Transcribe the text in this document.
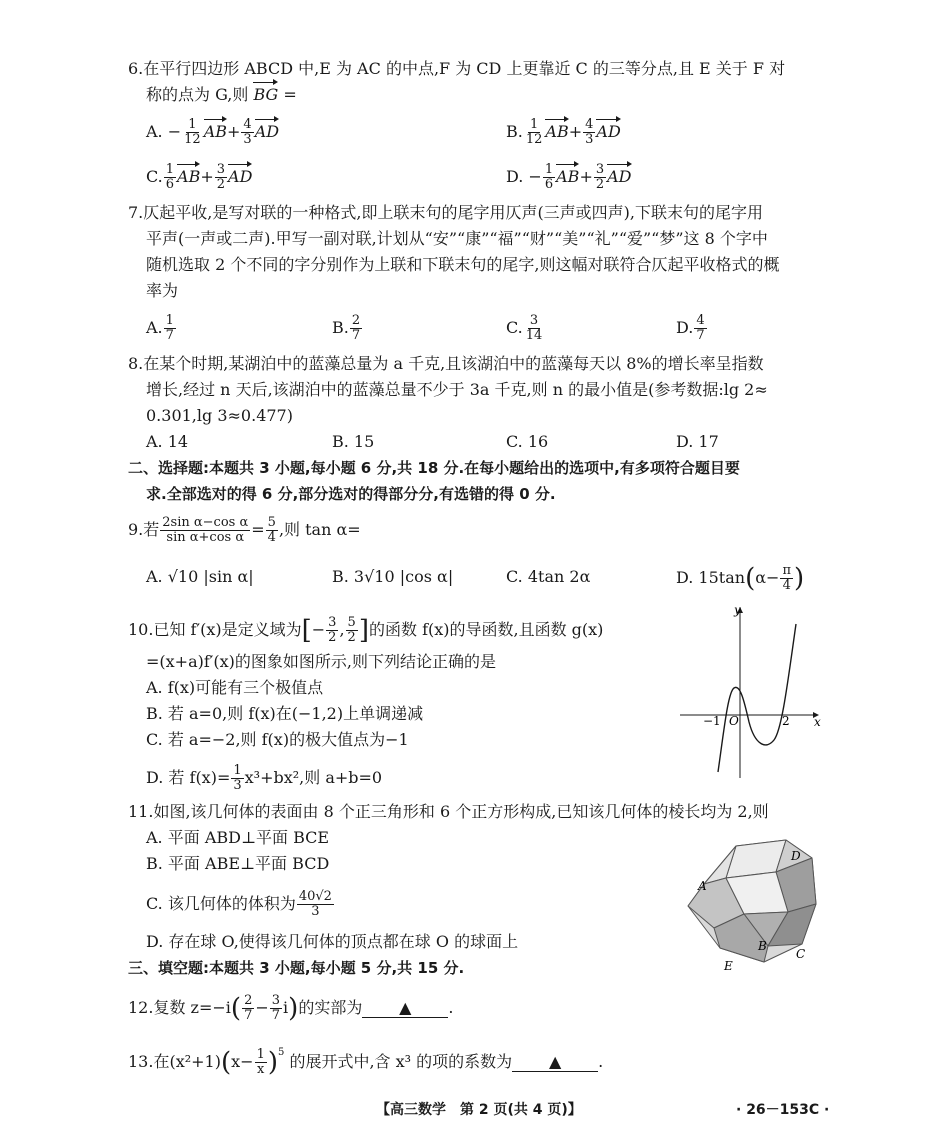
6.在平行四边形 ABCD 中,E 为 AC 的中点,F 为 CD 上更靠近 C 的三等分点,且 E 关于 F 对
称的点为 G,则 BG =
A. − $\frac{1}{12} AB+ \frac{4}{3}$ AD	B. $\frac{1}{12} AB+ \frac{4}{3}$ AD
C. $\frac{1}{6} AB+ \frac{3}{2}$ AD	D. − $\frac{1}{6} AB+ \frac{3}{2}$ AD
7.仄起平收,是写对联的一种格式,即上联末句的尾字用仄声(三声或四声),下联末句的尾字用
平声(一声或二声).甲写一副对联,计划从“安”“康”“福”“财”“美”“礼”“爱”“梦”这 8 个字中
随机选取 2 个不同的字分别作为上联和下联末句的尾字,则这幅对联符合仄起平收格式的概
率为
A. $\frac{1}{7}$	B. $\frac{2}{7}$	C. $\frac{3}{14}$	D. $\frac{4}{7}$
8.在某个时期,某湖泊中的蓝藻总量为 a 千克,且该湖泊中的蓝藻每天以 8%的增长率呈指数
增长,经过 n 天后,该湖泊中的蓝藻总量不少于 3a 千克,则 n 的最小值是(参考数据:lg 2≈
0.301,lg 3≈0.477)
A. 14	B. 15	C. 16	D. 17
二、选择题:本题共 3 小题,每小题 6 分,共 18 分.在每小题给出的选项中,有多项符合题目要
求.全部选对的得 6 分,部分选对的得部分分,有选错的得 0 分.
9.若 $\frac{\text{2sin α−cos α}}{\text{sin α+cos α}} = \frac{5}{4}$ ,则 tan α=
A. √10 |sin α|	B. 3√10 |cos α|	C. 4tan 2α	D. $15\tan(\alpha- \frac{\pi}{4}$ )
10.已知 f′(x)是定义域为[− $\frac{3}{2}$ , $\frac{5}{2}$ ]的函数 f(x)的导函数,且函数 g(x)
=(x+a)f′(x)的图象如图所示,则下列结论正确的是
A. f(x)可能有三个极值点
B. 若 a=0,则 f(x)在(−1,2)上单调递减
C. 若 a=−2,则 f(x)的极大值点为−1
D. 若 $f(x)= \frac{1}{3} x^3+bx^2$,则 a+b=0
y
x
O
−1	2
11.如图,该几何体的表面由 8 个正三角形和 6 个正方形构成,已知该几何体的棱长均为 2,则
A. 平面 ABD⊥平面 BCE
B. 平面 ABE⊥平面 BCD
C. 该几何体的体积为 $\frac{40√2}{3}$
D. 存在球 O,使得该几何体的顶点都在球 O 的球面上
A
D
B
C
E
三、填空题:本题共 3 小题,每小题 5 分,共 15 分.
12.复数 $z=-i( \frac{2}{7} - \frac{3}{7} i)$的实部为 ▲ .
13.在$(x^2+1)(x- \frac{1}{x} )^5$ 的展开式中,含 x³ 的项的系数为 ▲ .
【高三数学　第 2 页(共 4 页)】	· 26－153C ·
